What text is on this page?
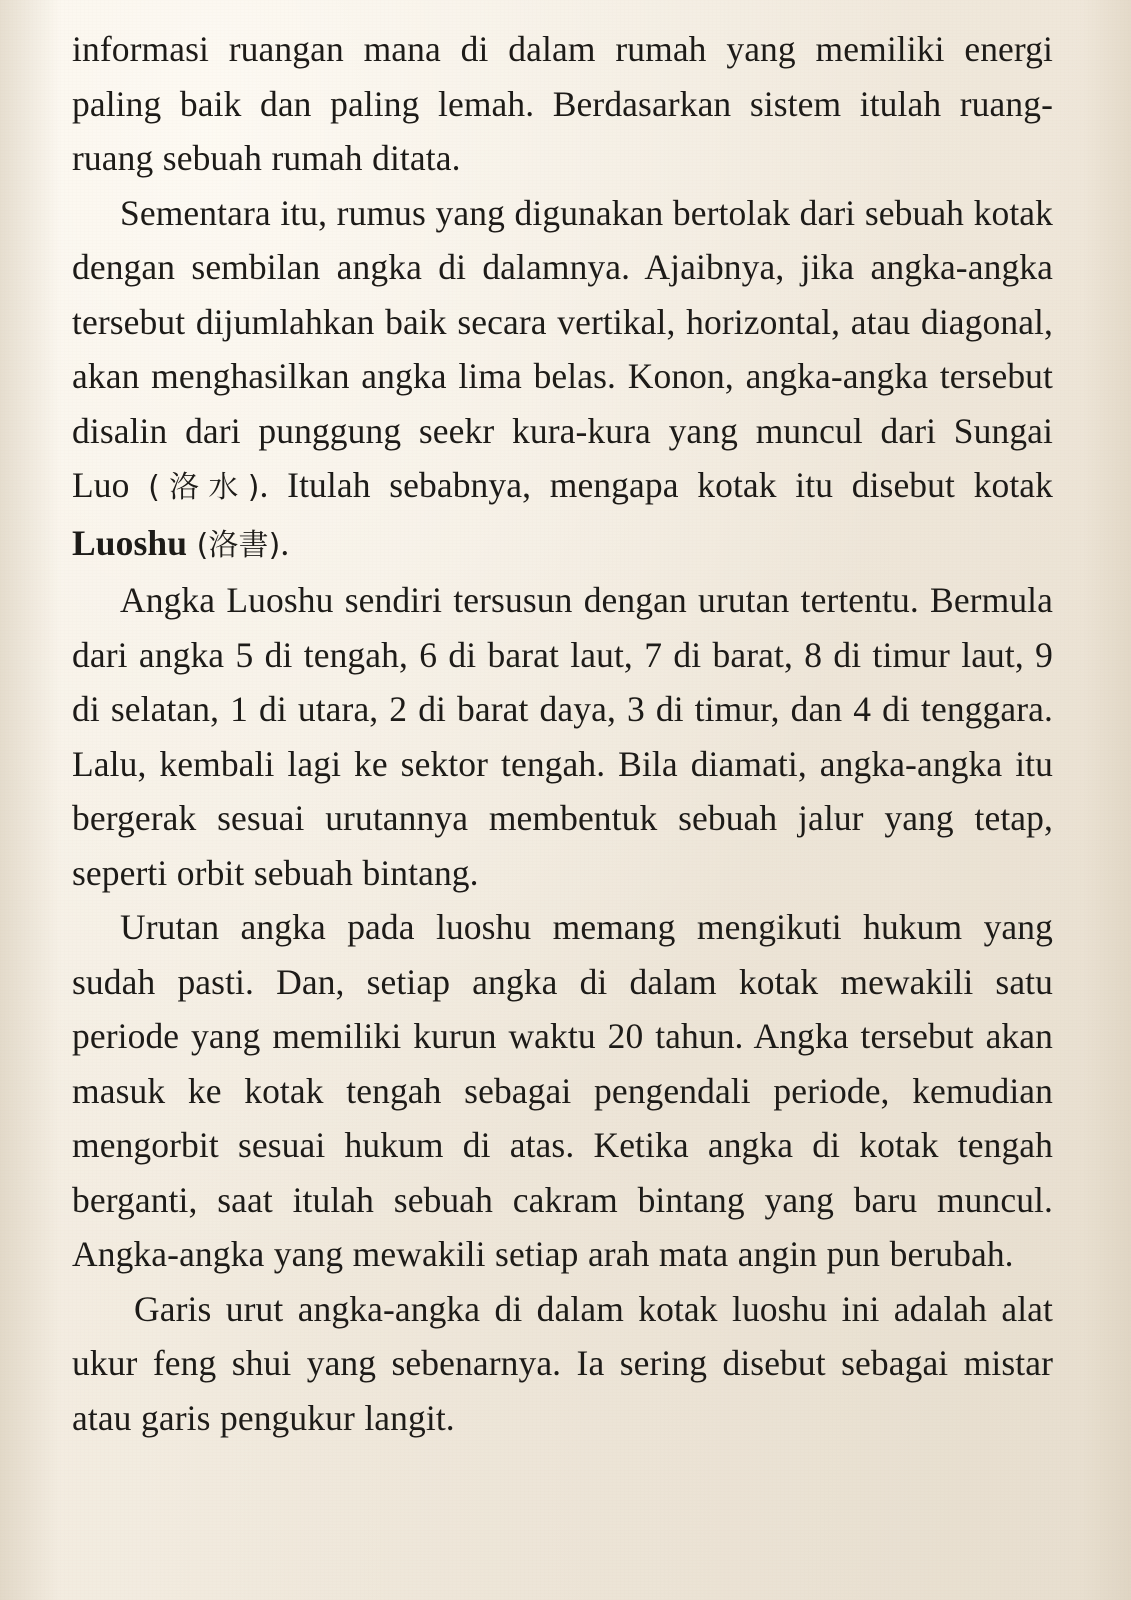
informasi ruangan mana di dalam rumah yang memiliki energi paling baik dan paling lemah. Berdasarkan sistem itulah ruang-ruang sebuah rumah ditata.

Sementara itu, rumus yang digunakan bertolak dari sebuah kotak dengan sembilan angka di dalamnya. Ajaibnya, jika angka-angka tersebut dijumlahkan baik secara vertikal, horizontal, atau diagonal, akan menghasilkan angka lima belas. Konon, angka-angka tersebut disalin dari punggung seekr kura-kura yang muncul dari Sungai Luo (洛水). Itulah sebabnya, mengapa kotak itu disebut kotak Luoshu (洛書).

Angka Luoshu sendiri tersusun dengan urutan tertentu. Bermula dari angka 5 di tengah, 6 di barat laut, 7 di barat, 8 di timur laut, 9 di selatan, 1 di utara, 2 di barat daya, 3 di timur, dan 4 di tenggara. Lalu, kembali lagi ke sektor tengah. Bila diamati, angka-angka itu bergerak sesuai urutannya membentuk sebuah jalur yang tetap, seperti orbit sebuah bintang.

Urutan angka pada luoshu memang mengikuti hukum yang sudah pasti. Dan, setiap angka di dalam kotak mewakili satu periode yang memiliki kurun waktu 20 tahun. Angka tersebut akan masuk ke kotak tengah sebagai pengendali periode, kemudian mengorbit sesuai hukum di atas. Ketika angka di kotak tengah berganti, saat itulah sebuah cakram bintang yang baru muncul. Angka-angka yang mewakili setiap arah mata angin pun berubah.

Garis urut angka-angka di dalam kotak luoshu ini adalah alat ukur feng shui yang sebenarnya. Ia sering disebut sebagai mistar atau garis pengukur langit.
